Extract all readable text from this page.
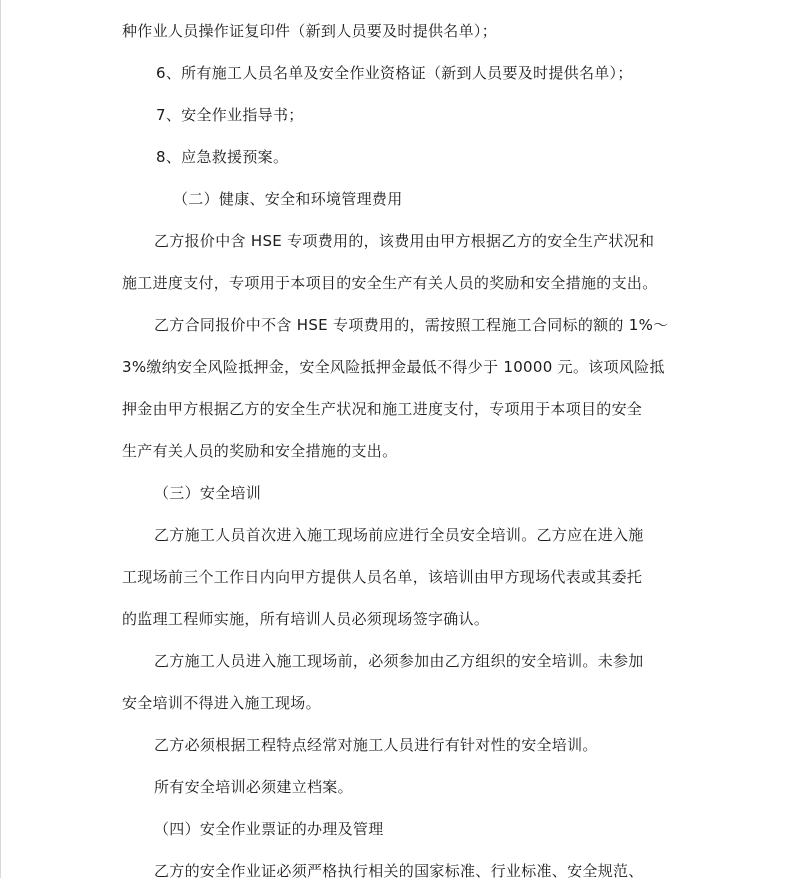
种作业人员操作证复印件（新到人员要及时提供名单）；
6、所有施工人员名单及安全作业资格证（新到人员要及时提供名单）；
7、安全作业指导书；
8、应急救援预案。
（二）健康、安全和环境管理费用
乙方报价中含 HSE 专项费用的，该费用由甲方根据乙方的安全生产状况和
施工进度支付，专项用于本项目的安全生产有关人员的奖励和安全措施的支出。
乙方合同报价中不含 HSE 专项费用的，需按照工程施工合同标的额的 1%～
3%缴纳安全风险抵押金，安全风险抵押金最低不得少于 10000 元。该项风险抵
押金由甲方根据乙方的安全生产状况和施工进度支付，专项用于本项目的安全
生产有关人员的奖励和安全措施的支出。
（三）安全培训
乙方施工人员首次进入施工现场前应进行全员安全培训。乙方应在进入施
工现场前三个工作日内向甲方提供人员名单，该培训由甲方现场代表或其委托
的监理工程师实施，所有培训人员必须现场签字确认。
乙方施工人员进入施工现场前，必须参加由乙方组织的安全培训。未参加
安全培训不得进入施工现场。
乙方必须根据工程特点经常对施工人员进行有针对性的安全培训。
所有安全培训必须建立档案。
（四）安全作业票证的办理及管理
乙方的安全作业证必须严格执行相关的国家标准、行业标准、安全规范、
